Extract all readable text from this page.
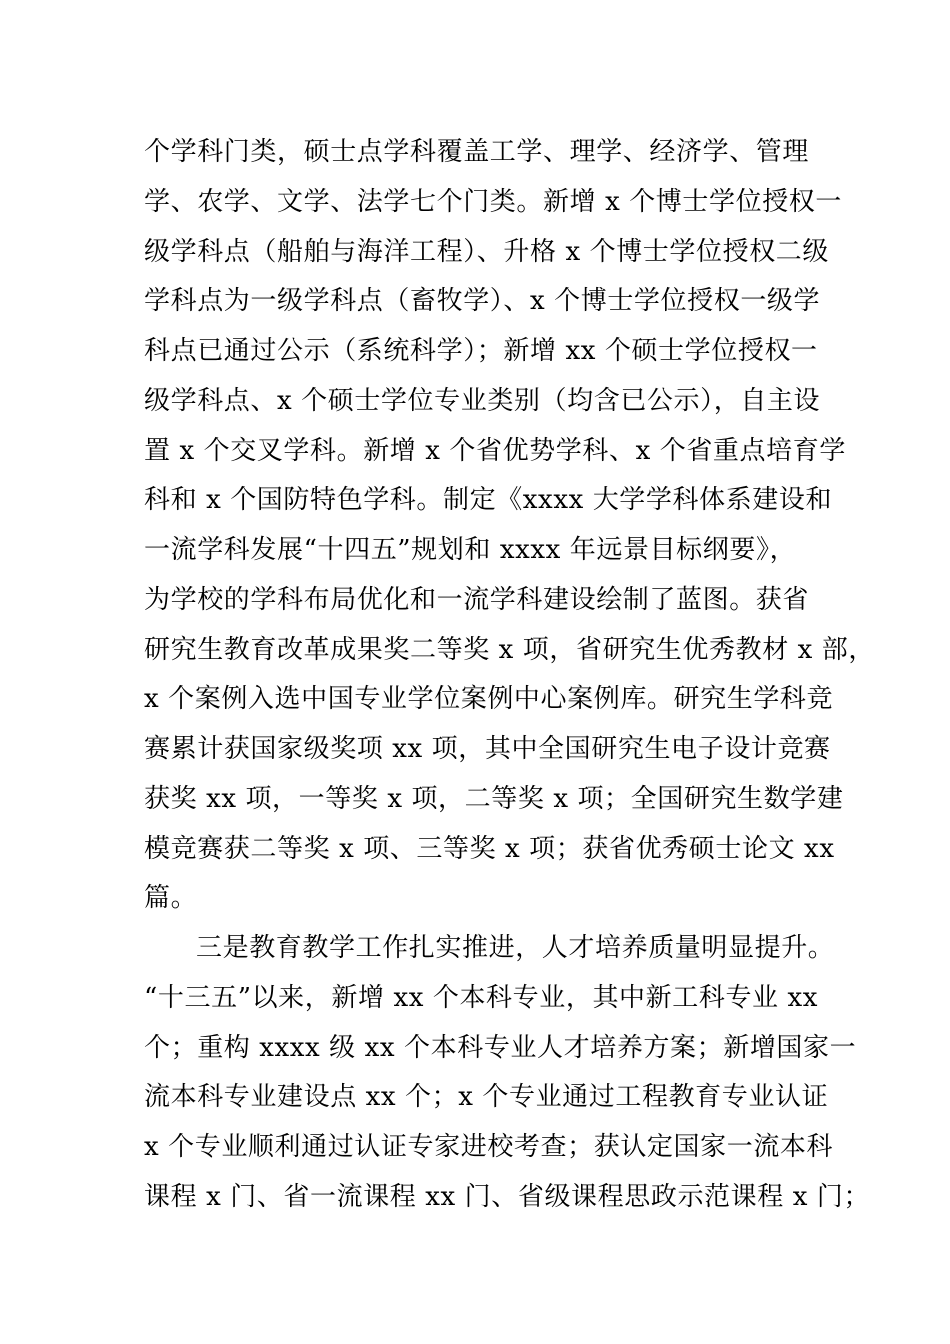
个学科门类，硕士点学科覆盖工学、理学、经济学、管理
学、农学、文学、法学七个门类。新增 x 个博士学位授权一
级学科点（船舶与海洋工程）、升格 x 个博士学位授权二级
学科点为一级学科点（畜牧学）、x 个博士学位授权一级学
科点已通过公示（系统科学）；新增 xx 个硕士学位授权一
级学科点、x 个硕士学位专业类别（均含已公示），自主设
置 x 个交叉学科。新增 x 个省优势学科、x 个省重点培育学
科和 x 个国防特色学科。制定《xxxx 大学学科体系建设和
一流学科发展“十四五”规划和 xxxx 年远景目标纲要》，
为学校的学科布局优化和一流学科建设绘制了蓝图。获省
研究生教育改革成果奖二等奖 x 项，省研究生优秀教材 x 部，
x 个案例入选中国专业学位案例中心案例库。研究生学科竞
赛累计获国家级奖项 xx 项，其中全国研究生电子设计竞赛
获奖 xx 项，一等奖 x 项，二等奖 x 项；全国研究生数学建
模竞赛获二等奖 x 项、三等奖 x 项；获省优秀硕士论文 xx
篇。
三是教育教学工作扎实推进，人才培养质量明显提升。
“十三五”以来，新增 xx 个本科专业，其中新工科专业 xx
个；重构 xxxx 级 xx 个本科专业人才培养方案；新增国家一
流本科专业建设点 xx 个；x 个专业通过工程教育专业认证
x 个专业顺利通过认证专家进校考查；获认定国家一流本科
课程 x 门、省一流课程 xx 门、省级课程思政示范课程 x 门；
